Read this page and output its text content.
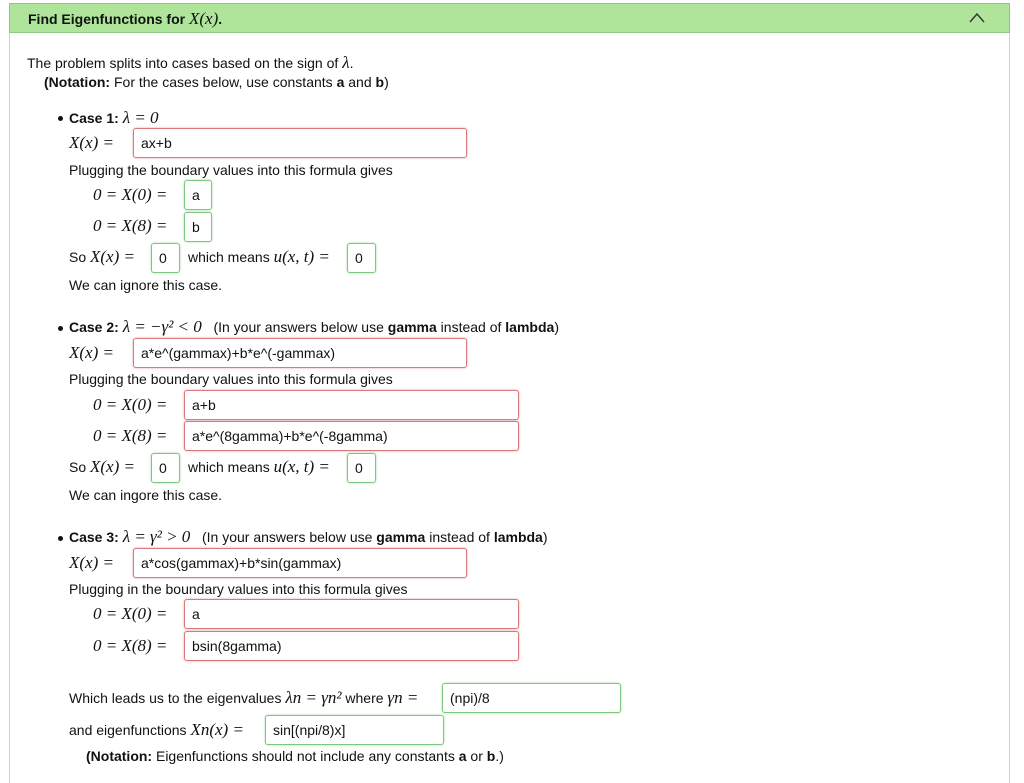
Find Eigenfunctions for X(x).
The problem splits into cases based on the sign of λ.
(Notation: For the cases below, use constants a and b)
Case 1: λ = 0
X(x) =	ax+b
Plugging the boundary values into this formula gives
0 = X(0) =	a
0 = X(8) =	b
So X(x) =	0	which means u(x, t) =	0
We can ignore this case.
Case 2: λ = −γ² < 0 (In your answers below use gamma instead of lambda)
X(x) =	a*e^(gammax)+b*e^(-gammax)
Plugging the boundary values into this formula gives
0 = X(0) =	a+b
0 = X(8) =	a*e^(8gamma)+b*e^(-8gamma)
So X(x) =	0	which means u(x, t) =	0
We can ingore this case.
Case 3: λ = γ² > 0 (In your answers below use gamma instead of lambda)
X(x) =	a*cos(gammax)+b*sin(gammax)
Plugging in the boundary values into this formula gives
0 = X(0) =	a
0 = X(8) =	bsin(8gamma)
Which leads us to the eigenvalues λn = γn² where γn =	(npi)/8
and eigenfunctions Xn(x) =	sin[(npi/8)x]
(Notation: Eigenfunctions should not include any constants a or b.)
